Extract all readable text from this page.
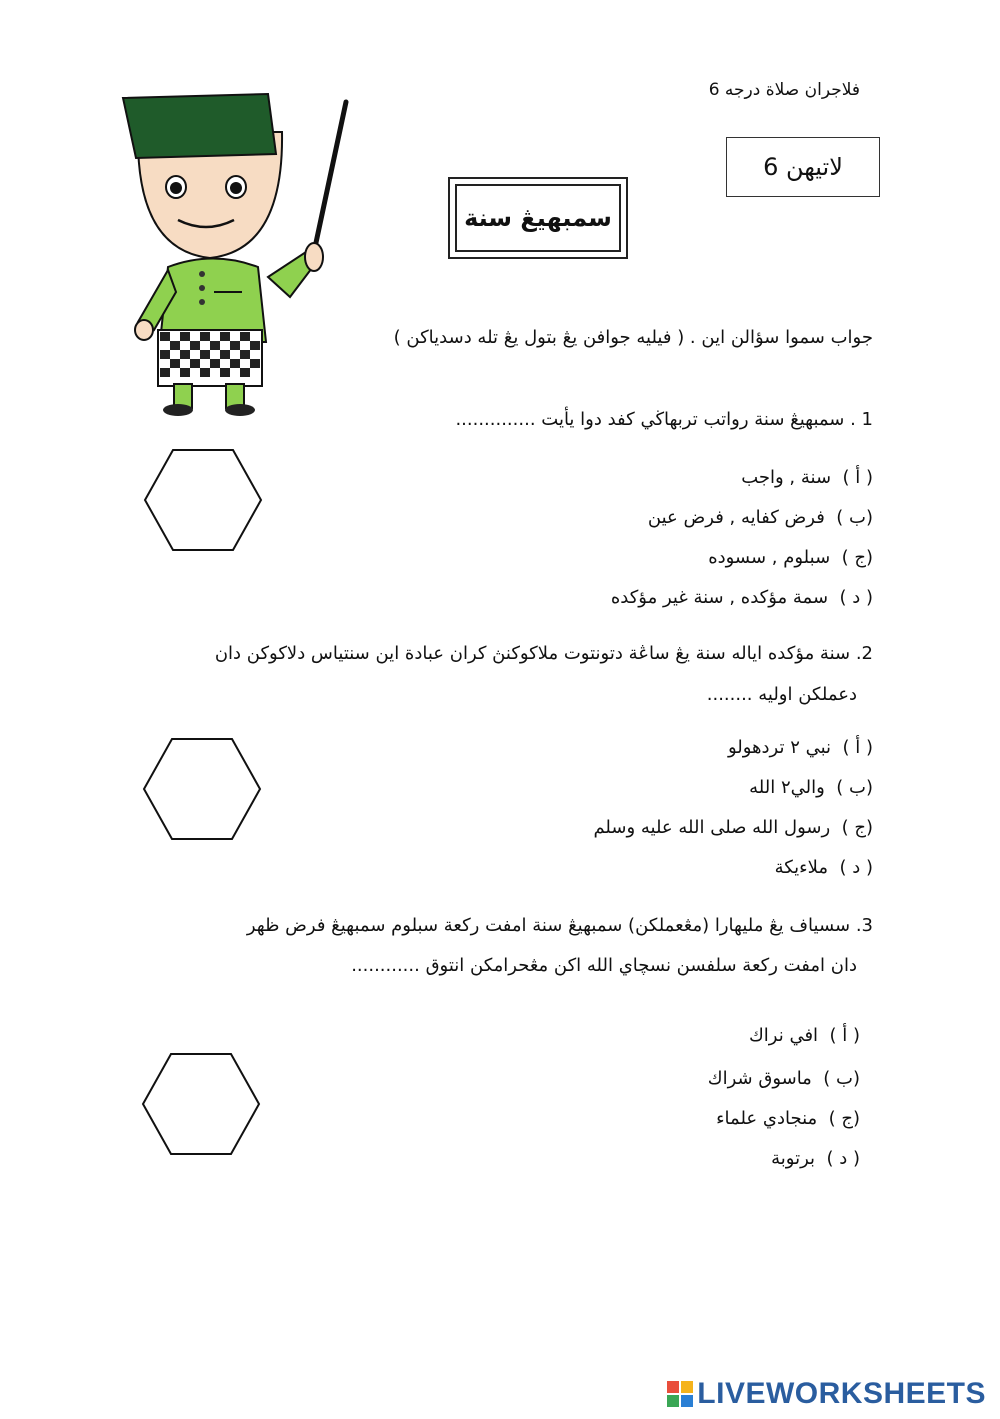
فلاجران صلاة درجه 6
لاتيهن 6
سمبهيڠ سنة
جواب سموا سؤالن اين . ( فيليه جوافن يڠ بتول يڠ تله دسدياكن )
1 . سمبهيڠ سنة رواتب تربهاڬي كفد دوا يأيت ..............
( أ )  سنة , واجب
(ب )  فرض كفايه , فرض عين
(ج )  سبلوم , سسوده
( د )  سمة مؤكده , سنة غير مؤكده
2. سنة مؤكده اياله سنة يڠ ساڠة دتونتوت ملاكوكنڽ كران عبادة اين سنتياس دلاكوكن دان
دعملكن اوليه ........
( أ )  نبي ٢ تردهولو
(ب )  والي٢ الله
(ج )  رسول الله صلى الله عليه وسلم
( د )  ملاءيكة
3. سسياف يڠ مليهارا (مڠعملكن) سمبهيڠ سنة امفت ركعة سبلوم سمبهيڠ فرض ظهر
دان امفت ركعة سلفسن نسچاي الله اكن مڠحرامكن انتوق ............
( أ )  افي نراك
(ب )  ماسوق شراك
(ج )  منجادي علماء
( د )  برتوبة
LIVEWORKSHEETS
